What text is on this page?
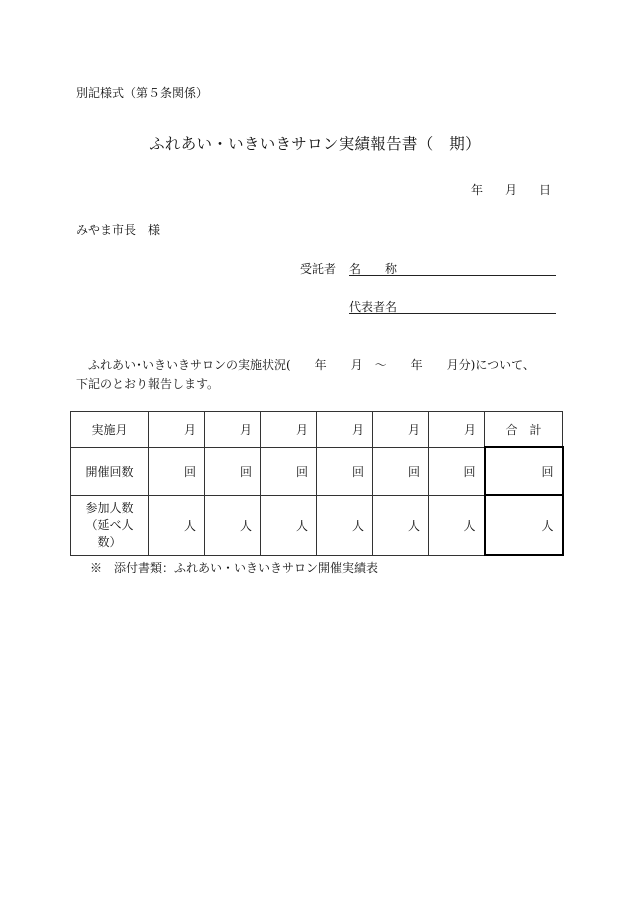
別記様式（第５条関係）
ふれあい・いきいきサロン実績報告書（　期）
年 月 日
みやま市長　様
受託者 名　　称
代表者名
ふれあい･いきいきサロンの実施状況(　　年　　月　～　　年　　月分)について、
下記のとおり報告します。
実施月	月	月	月	月	月	月	合　計
開催回数	回	回	回	回	回	回	回

参加人数
（延べ人
数）	人	人	人	人	人	人	人
※　添付書類：ふれあい・いきいきサロン開催実績表
